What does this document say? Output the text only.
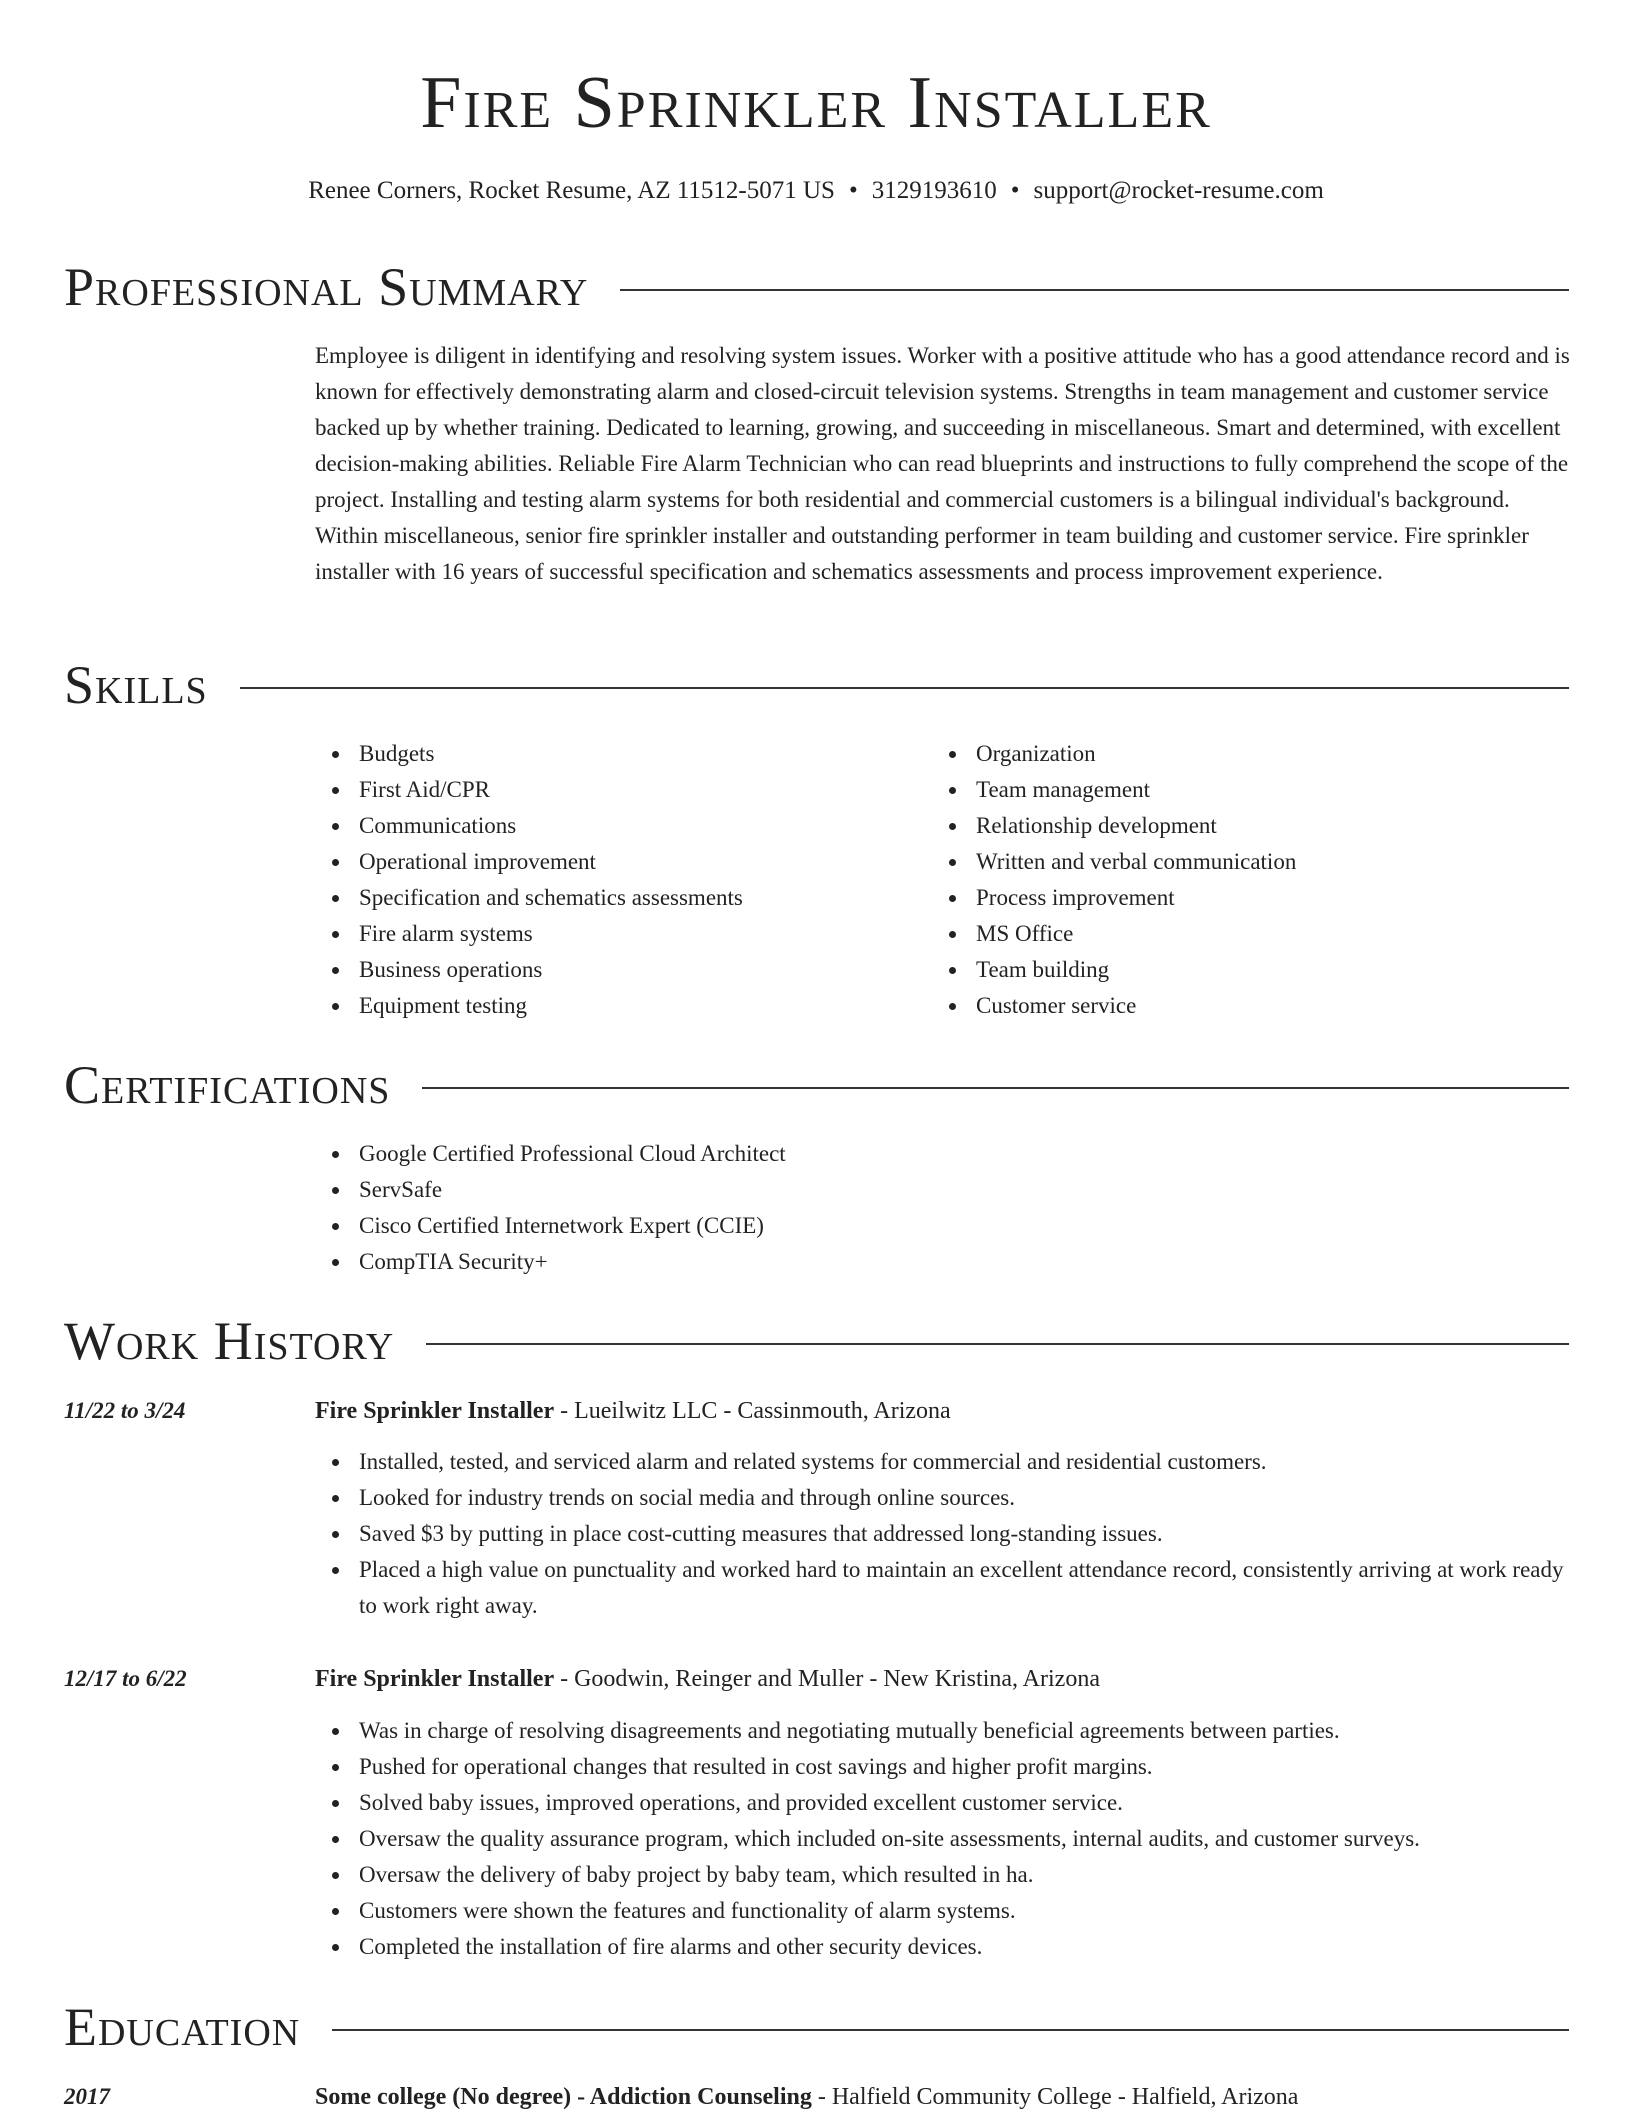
Fire Sprinkler Installer
Renee Corners, Rocket Resume, AZ 11512-5071 US • 3129193610 • support@rocket-resume.com
Professional Summary
Employee is diligent in identifying and resolving system issues. Worker with a positive attitude who has a good attendance record and is known for effectively demonstrating alarm and closed-circuit television systems. Strengths in team management and customer service backed up by whether training. Dedicated to learning, growing, and succeeding in miscellaneous. Smart and determined, with excellent decision-making abilities. Reliable Fire Alarm Technician who can read blueprints and instructions to fully comprehend the scope of the project. Installing and testing alarm systems for both residential and commercial customers is a bilingual individual's background. Within miscellaneous, senior fire sprinkler installer and outstanding performer in team building and customer service. Fire sprinkler installer with 16 years of successful specification and schematics assessments and process improvement experience.
Skills
Budgets
First Aid/CPR
Communications
Operational improvement
Specification and schematics assessments
Fire alarm systems
Business operations
Equipment testing
Organization
Team management
Relationship development
Written and verbal communication
Process improvement
MS Office
Team building
Customer service
Certifications
Google Certified Professional Cloud Architect
ServSafe
Cisco Certified Internetwork Expert (CCIE)
CompTIA Security+
Work History
11/22 to 3/24	Fire Sprinkler Installer - Lueilwitz LLC - Cassinmouth, Arizona
Installed, tested, and serviced alarm and related systems for commercial and residential customers.
Looked for industry trends on social media and through online sources.
Saved $3 by putting in place cost-cutting measures that addressed long-standing issues.
Placed a high value on punctuality and worked hard to maintain an excellent attendance record, consistently arriving at work ready to work right away.
12/17 to 6/22	Fire Sprinkler Installer - Goodwin, Reinger and Muller - New Kristina, Arizona
Was in charge of resolving disagreements and negotiating mutually beneficial agreements between parties.
Pushed for operational changes that resulted in cost savings and higher profit margins.
Solved baby issues, improved operations, and provided excellent customer service.
Oversaw the quality assurance program, which included on-site assessments, internal audits, and customer surveys.
Oversaw the delivery of baby project by baby team, which resulted in ha.
Customers were shown the features and functionality of alarm systems.
Completed the installation of fire alarms and other security devices.
Education
2017	Some college (No degree) - Addiction Counseling - Halfield Community College - Halfield, Arizona
